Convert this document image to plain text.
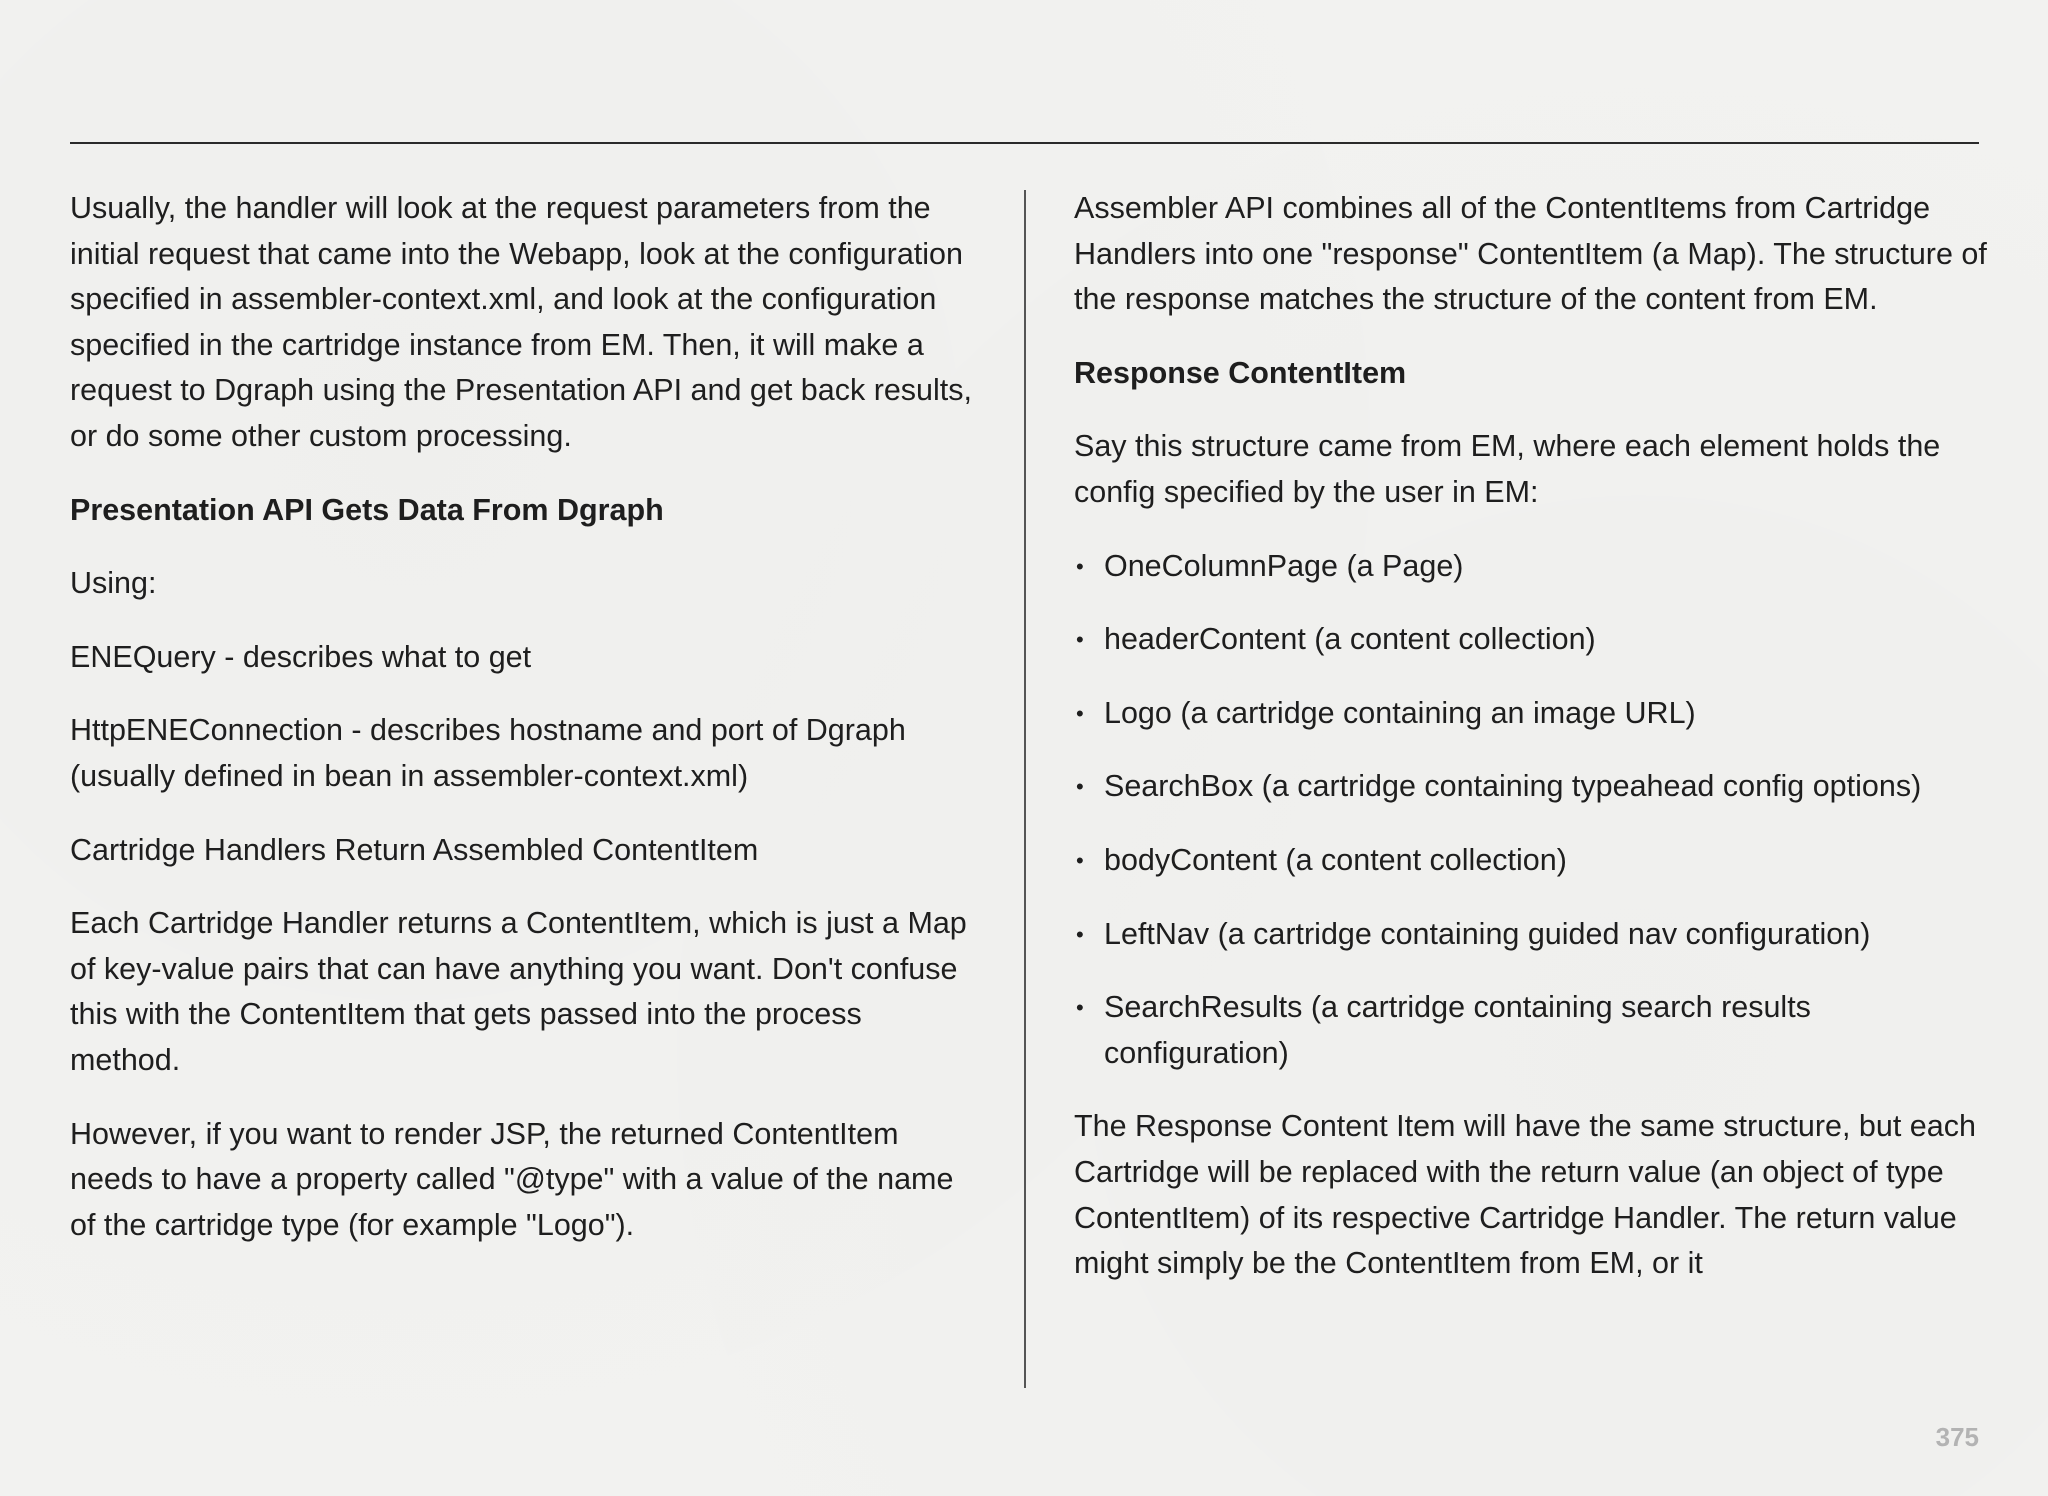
Usually, the handler will look at the request parameters from the initial request that came into the Webapp, look at the configuration specified in assembler-context.xml, and look at the configuration specified in the cartridge instance from EM. Then, it will make a request to Dgraph using the Presentation API and get back results, or do some other custom processing.

Presentation API Gets Data From Dgraph

Using:

ENEQuery - describes what to get

HttpENEConnection - describes hostname and port of Dgraph (usually defined in bean in assembler-context.xml)

Cartridge Handlers Return Assembled ContentItem

Each Cartridge Handler returns a ContentItem, which is just a Map of key-value pairs that can have anything you want. Don't confuse this with the ContentItem that gets passed into the process method.

However, if you want to render JSP, the returned ContentItem needs to have a property called "@type" with a value of the name of the cartridge type (for example "Logo").

Assembler API combines all of the ContentItems from Cartridge Handlers into one "response" ContentItem (a Map). The structure of the response matches the structure of the content from EM.

Response ContentItem

Say this structure came from EM, where each element holds the config specified by the user in EM:

• OneColumnPage (a Page)
• headerContent (a content collection)
• Logo (a cartridge containing an image URL)
• SearchBox (a cartridge containing typeahead config options)
• bodyContent (a content collection)
• LeftNav (a cartridge containing guided nav configuration)
• SearchResults (a cartridge containing search results configuration)

The Response Content Item will have the same structure, but each Cartridge will be replaced with the return value (an object of type ContentItem) of its respective Cartridge Handler. The return value might simply be the ContentItem from EM, or it

375
